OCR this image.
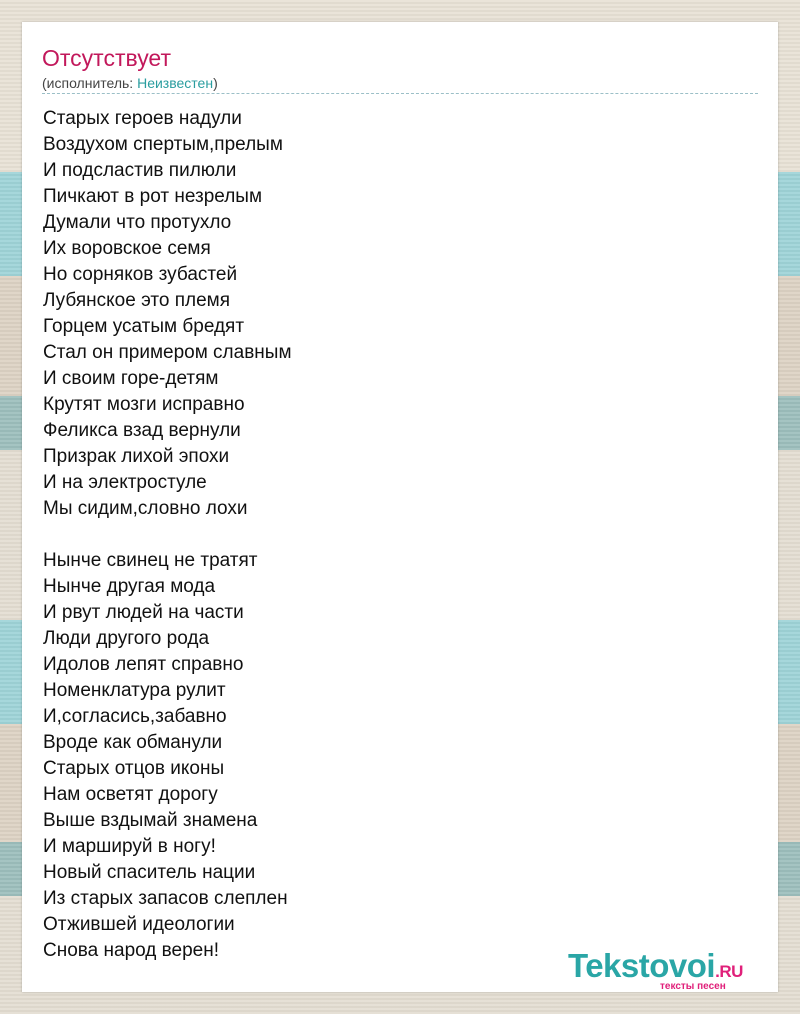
Отсутствует
(исполнитель: Неизвестен)
Старых героев надули
Воздухом спертым,прелым
И подсластив пилюли
Пичкают в рот незрелым
Думали что протухло
Их воровское семя
Но сорняков зубастей
Лубянское это племя
Горцем усатым бредят
Стал он примером славным
И своим горе-детям
Крутят мозги исправно
Феликса взад вернули
Призрак лихой эпохи
И на электростуле
Мы сидим,словно лохи
Нынче свинец не тратят
Нынче другая мода
И рвут людей на части
Люди другого рода
Идолов лепят справно
Номенклатура рулит
И,согласись,забавно
Вроде как обманули
Старых отцов иконы
Нам осветят дорогу
Выше вздымай знамена
И маршируй в ногу!
Новый спаситель нации
Из старых запасов слеплен
Отжившей идеологии
Снова народ верен!	Tekstovoi.RU
тексты песен
